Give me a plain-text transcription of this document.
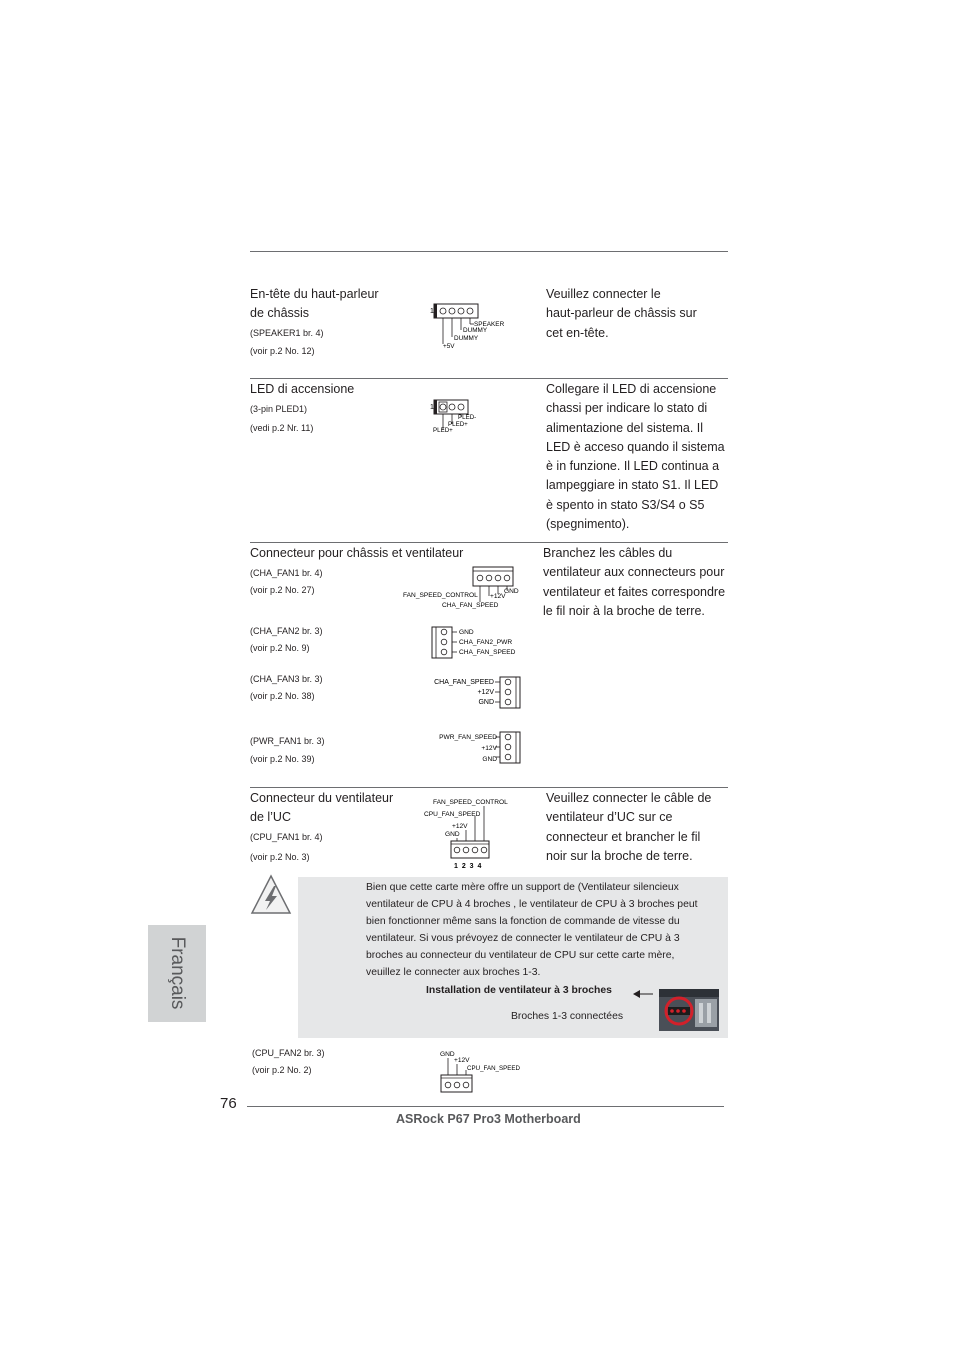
En-tête du haut-parleur
de châssis
(SPEAKER1 br. 4)
(voir p.2 No. 12)
1
SPEAKER
DUMMY
DUMMY
+5V
Veuillez connecter le
haut-parleur de châssis sur
cet en-tête.
LED di accensione
(3-pin PLED1)
(vedi p.2 Nr. 11)
1
PLED-
PLED+
PLED+
Collegare il LED di accensione
chassi per indicare lo stato di
alimentazione del sistema. Il
LED è acceso quando il sistema
è in funzione. Il LED continua a
lampeggiare in stato S1. Il LED
è spento in stato S3/S4 o S5
(spegnimento).
Connecteur pour châssis et ventilateur	Branchez les câbles du
ventilateur aux connecteurs pour
ventilateur et faites correspondre
le fil noir à la broche de terre.
(CHA_FAN1 br. 4)
(voir p.2 No. 27)	GND
+12V
FAN_SPEED_CONTROL
CHA_FAN_SPEED
(CHA_FAN2 br. 3)
(voir p.2 No. 9)
GND
CHA_FAN2_PWR
CHA_FAN_SPEED
(CHA_FAN3 br. 3)
(voir p.2 No. 38)
CHA_FAN_SPEED
+12V
GND
(PWR_FAN1 br. 3)
(voir p.2 No. 39)
PWR_FAN_SPEED
+12V
GND
Connecteur du ventilateur
de l’UC
(CPU_FAN1 br. 4)
(voir p.2 No. 3)
FAN_SPEED_CONTROL
CPU_FAN_SPEED
+12V
GND
1 2 3 4
Veuillez connecter le câble de
ventilateur d’UC sur ce
connecteur et brancher le fil
noir sur la broche de terre.
Bien que cette carte mère offre un support de (Ventilateur silencieux
ventilateur de CPU à 4 broches , le ventilateur de CPU à 3 broches peut
bien fonctionner même sans la fonction de commande de vitesse du
ventilateur. Si vous prévoyez de connecter le ventilateur de CPU à 3
broches au connecteur du ventilateur de CPU sur cette carte mère,
veuillez le connecter aux broches 1-3.
Installation de ventilateur à 3 broches
Broches 1-3 connectées
(CPU_FAN2 br. 3)
(voir p.2 No. 2)
GND
+12V
CPU_FAN_SPEED
Français
76
ASRock P67 Pro3 Motherboard
